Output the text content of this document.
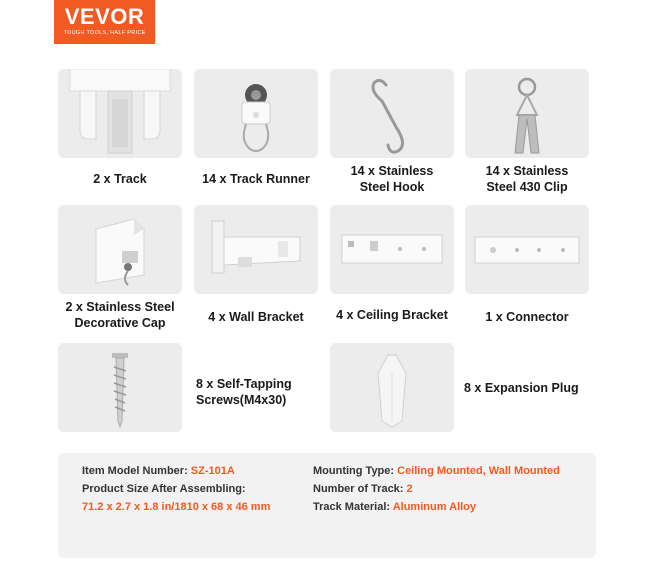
VEVOR
TOUGH TOOLS, HALF PRICE
2 x Track	14 x Track Runner
14 x Stainless
Steel Hook
14 x Stainless
Steel 430 Clip
2 x Stainless Steel
Decorative Cap	4 x Wall Bracket	4 x Ceiling Bracket	1 x Connector
8 x Self-Tapping
Screws(M4x30)
8 x Expansion Plug
Item Model Number: SZ-101A
Product Size After Assembling:
71.2 x 2.7 x 1.8 in/1810 x 68 x 46 mm
Mounting Type: Ceiling Mounted, Wall Mounted
Number of Track: 2
Track Material: Aluminum Alloy
